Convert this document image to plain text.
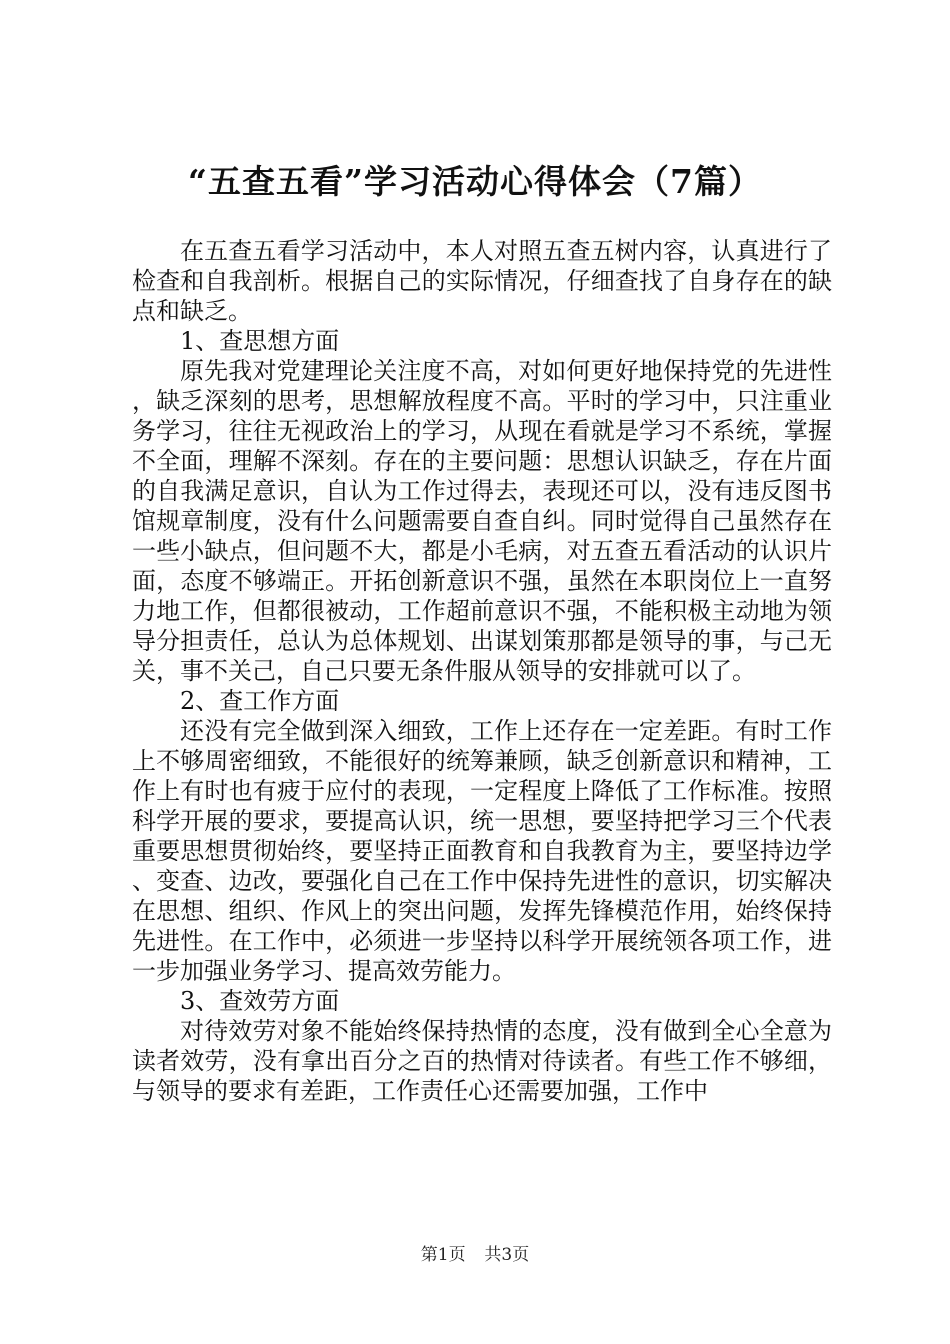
“五查五看”学习活动心得体会（7篇）

在五查五看学习活动中，本人对照五查五树内容，认真进行了检查和自我剖析。根据自己的实际情况，仔细查找了自身存在的缺点和缺乏。

1、查思想方面

原先我对党建理论关注度不高，对如何更好地保持党的先进性，缺乏深刻的思考，思想解放程度不高。平时的学习中，只注重业务学习，往往无视政治上的学习，从现在看就是学习不系统，掌握不全面，理解不深刻。存在的主要问题：思想认识缺乏，存在片面的自我满足意识，自认为工作过得去，表现还可以，没有违反图书馆规章制度，没有什么问题需要自查自纠。同时觉得自己虽然存在一些小缺点，但问题不大，都是小毛病，对五查五看活动的认识片面，态度不够端正。开拓创新意识不强，虽然在本职岗位上一直努力地工作，但都很被动，工作超前意识不强，不能积极主动地为领导分担责任，总认为总体规划、出谋划策那都是领导的事，与己无关，事不关己，自己只要无条件服从领导的安排就可以了。

2、查工作方面

还没有完全做到深入细致，工作上还存在一定差距。有时工作上不够周密细致，不能很好的统筹兼顾，缺乏创新意识和精神，工作上有时也有疲于应付的表现，一定程度上降低了工作标准。按照科学开展的要求，要提高认识，统一思想，要坚持把学习三个代表重要思想贯彻始终，要坚持正面教育和自我教育为主，要坚持边学、变查、边改，要强化自己在工作中保持先进性的意识，切实解决在思想、组织、作风上的突出问题，发挥先锋模范作用，始终保持先进性。在工作中，必须进一步坚持以科学开展统领各项工作，进一步加强业务学习、提高效劳能力。

3、查效劳方面

对待效劳对象不能始终保持热情的态度，没有做到全心全意为读者效劳，没有拿出百分之百的热情对待读者。有些工作不够细，与领导的要求有差距，工作责任心还需要加强，工作中

第1页 共3页
